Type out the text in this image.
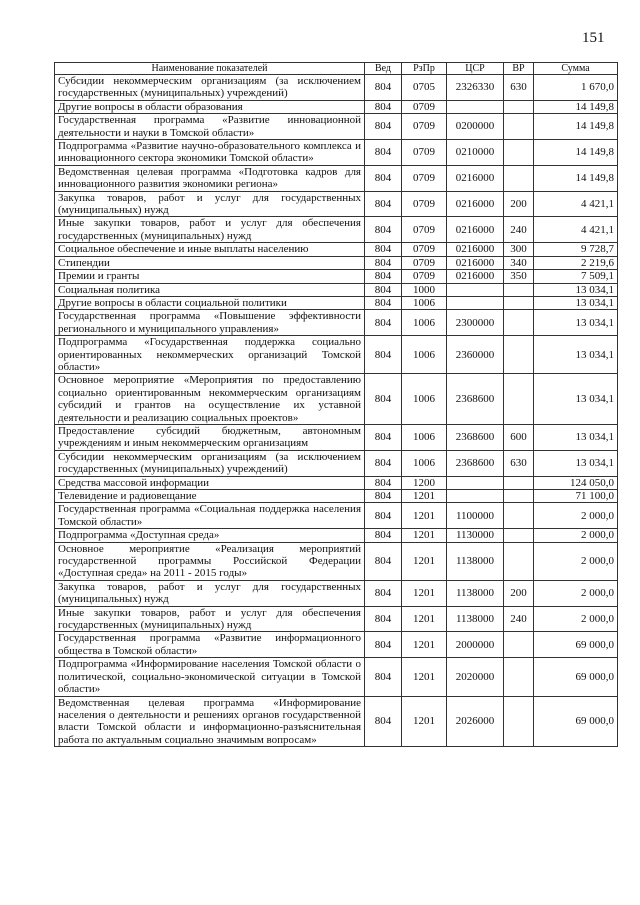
151
Наименование показателей	Вед	РзПр	ЦСР	ВР	Сумма
Субсидии некоммерческим организациям (за исключением государственных (муниципальных) учреждений)	804	0705	2326330	630	1 670,0
Другие вопросы в области образования	804	0709			14 149,8
Государственная программа «Развитие инновационной деятельности и науки в Томской области»	804	0709	0200000		14 149,8
Подпрограмма «Развитие научно-образовательного комплекса и инновационного сектора экономики Томской области»	804	0709	0210000		14 149,8
Ведомственная целевая программа «Подготовка кадров для инновационного развития экономики региона»	804	0709	0216000		14 149,8
Закупка товаров, работ и услуг для государственных (муниципальных) нужд	804	0709	0216000	200	4 421,1
Иные закупки товаров, работ и услуг для обеспечения государственных (муниципальных) нужд	804	0709	0216000	240	4 421,1
Социальное обеспечение и иные выплаты населению	804	0709	0216000	300	9 728,7
Стипендии	804	0709	0216000	340	2 219,6
Премии и гранты	804	0709	0216000	350	7 509,1
Социальная политика	804	1000			13 034,1
Другие вопросы в области социальной политики	804	1006			13 034,1
Государственная программа «Повышение эффективности регионального и муниципального управления»	804	1006	2300000		13 034,1
Подпрограмма «Государственная поддержка социально ориентированных некоммерческих организаций Томской области»	804	1006	2360000		13 034,1
Основное мероприятие «Мероприятия по предоставлению социально ориентированным некоммерческим организациям субсидий и грантов на осуществление их уставной деятельности и реализацию социальных проектов»	804	1006	2368600		13 034,1
Предоставление субсидий бюджетным, автономным учреждениям и иным некоммерческим организациям	804	1006	2368600	600	13 034,1
Субсидии некоммерческим организациям (за исключением государственных (муниципальных) учреждений)	804	1006	2368600	630	13 034,1
Средства массовой информации	804	1200			124 050,0
Телевидение и радиовещание	804	1201			71 100,0
Государственная программа «Социальная поддержка населения Томской области»	804	1201	1100000		2 000,0
Подпрограмма «Доступная среда»	804	1201	1130000		2 000,0
Основное мероприятие «Реализация мероприятий государственной программы Российской Федерации «Доступная среда» на 2011 - 2015 годы»	804	1201	1138000		2 000,0
Закупка товаров, работ и услуг для государственных (муниципальных) нужд	804	1201	1138000	200	2 000,0
Иные закупки товаров, работ и услуг для обеспечения государственных (муниципальных) нужд	804	1201	1138000	240	2 000,0
Государственная программа «Развитие информационного общества в Томской области»	804	1201	2000000		69 000,0
Подпрограмма «Информирование населения Томской области о политической, социально-экономической ситуации в Томской области»	804	1201	2020000		69 000,0
Ведомственная целевая программа «Информирование населения о деятельности и решениях органов государственной власти Томской области и информационно-разъяснительная работа по актуальным социально значимым вопросам»	804	1201	2026000		69 000,0
